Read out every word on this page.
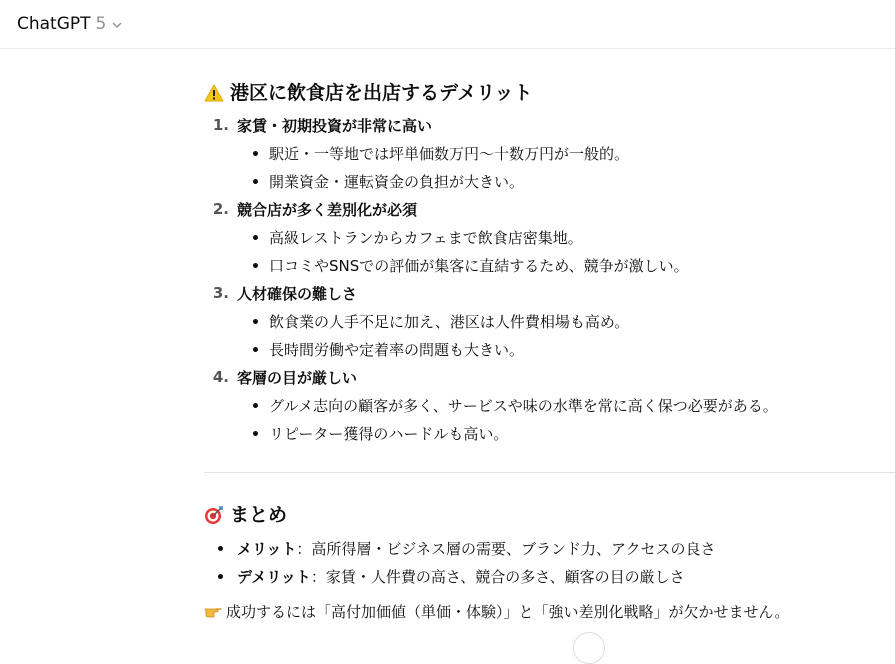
ChatGPT 5
港区に飲食店を出店するデメリット
1. 家賃・初期投資が非常に高い
駅近・一等地では坪単価数万円〜十数万円が一般的。
開業資金・運転資金の負担が大きい。
2. 競合店が多く差別化が必須
高級レストランからカフェまで飲食店密集地。
口コミやSNSでの評価が集客に直結するため、競争が激しい。
3. 人材確保の難しさ
飲食業の人手不足に加え、港区は人件費相場も高め。
長時間労働や定着率の問題も大きい。
4. 客層の目が厳しい
グルメ志向の顧客が多く、サービスや味の水準を常に高く保つ必要がある。
リピーター獲得のハードルも高い。
まとめ
メリット ：高所得層・ビジネス層の需要、ブランド力、アクセスの良さ
デメリット ：家賃・人件費の高さ、競合の多さ、顧客の目の厳しさ
成功するには「高付加価値（単価・体験）」と「強い差別化戦略」が欠かせません。
